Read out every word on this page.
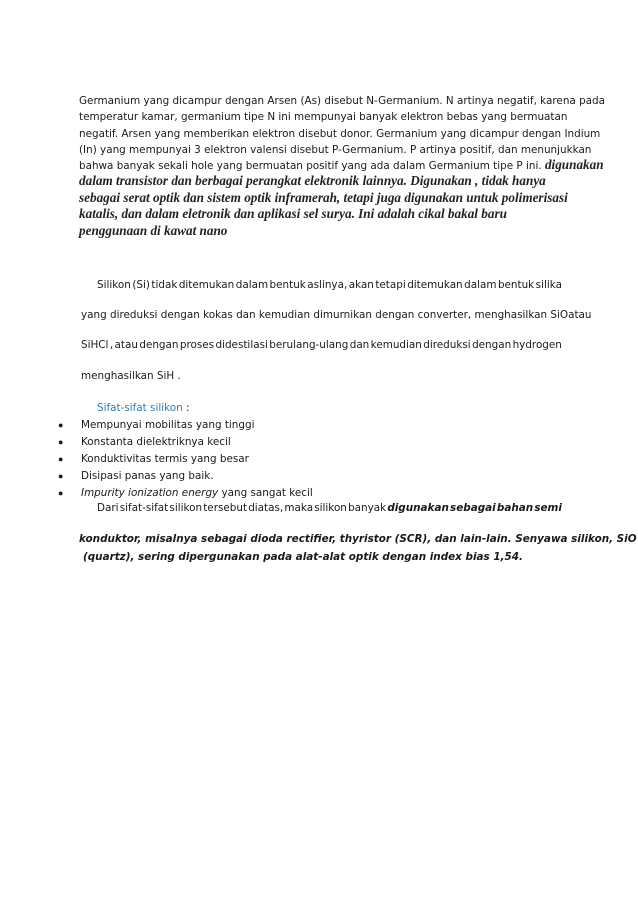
Germanium yang dicampur dengan Arsen (As) disebut N-Germanium. N artinya negatif, karena pada
temperatur kamar, germanium tipe N ini mempunyai banyak elektron bebas yang bermuatan
negatif. Arsen yang memberikan elektron disebut donor. Germanium yang dicampur dengan Indium
(In) yang mempunyai 3 elektron valensi disebut P-Germanium. P artinya positif, dan menunjukkan
bahwa banyak sekali hole yang bermuatan positif yang ada dalam Germanium tipe P ini. digunakan
dalam transistor dan berbagai perangkat elektronik lainnya. Digunakan , tidak hanya
sebagai serat optik dan sistem optik inframerah, tetapi juga digunakan untuk polimerisasi
katalis, dan dalam eletronik dan aplikasi sel surya. Ini adalah cikal bakal baru
penggunaan di kawat nano
Silikon (Si) tidak ditemukan dalam bentuk aslinya, akan tetapi ditemukan dalam bentuk silika
yang direduksi dengan kokas dan kemudian dimurnikan dengan converter, menghasilkan SiO atau
SiHCl , atau dengan proses didestilasi berulang-ulang dan kemudian direduksi dengan hydrogen
menghasilkan SiH .
Sifat-sifat silikon :
● Mempunyai mobilitas yang tinggi
● Konstanta dielektriknya kecil
● Konduktivitas termis yang besar
● Disipasi panas yang baik.
● Impurity ionization energy yang sangat kecil
Dari sifat-sifat silikon tersebut diatas, maka silikon banyak digunakan sebagai bahan semi
konduktor, misalnya sebagai dioda rectifier, thyristor (SCR), dan lain-lain. Senyawa silikon, SiO
(quartz), sering dipergunakan pada alat-alat optik dengan index bias 1,54.
